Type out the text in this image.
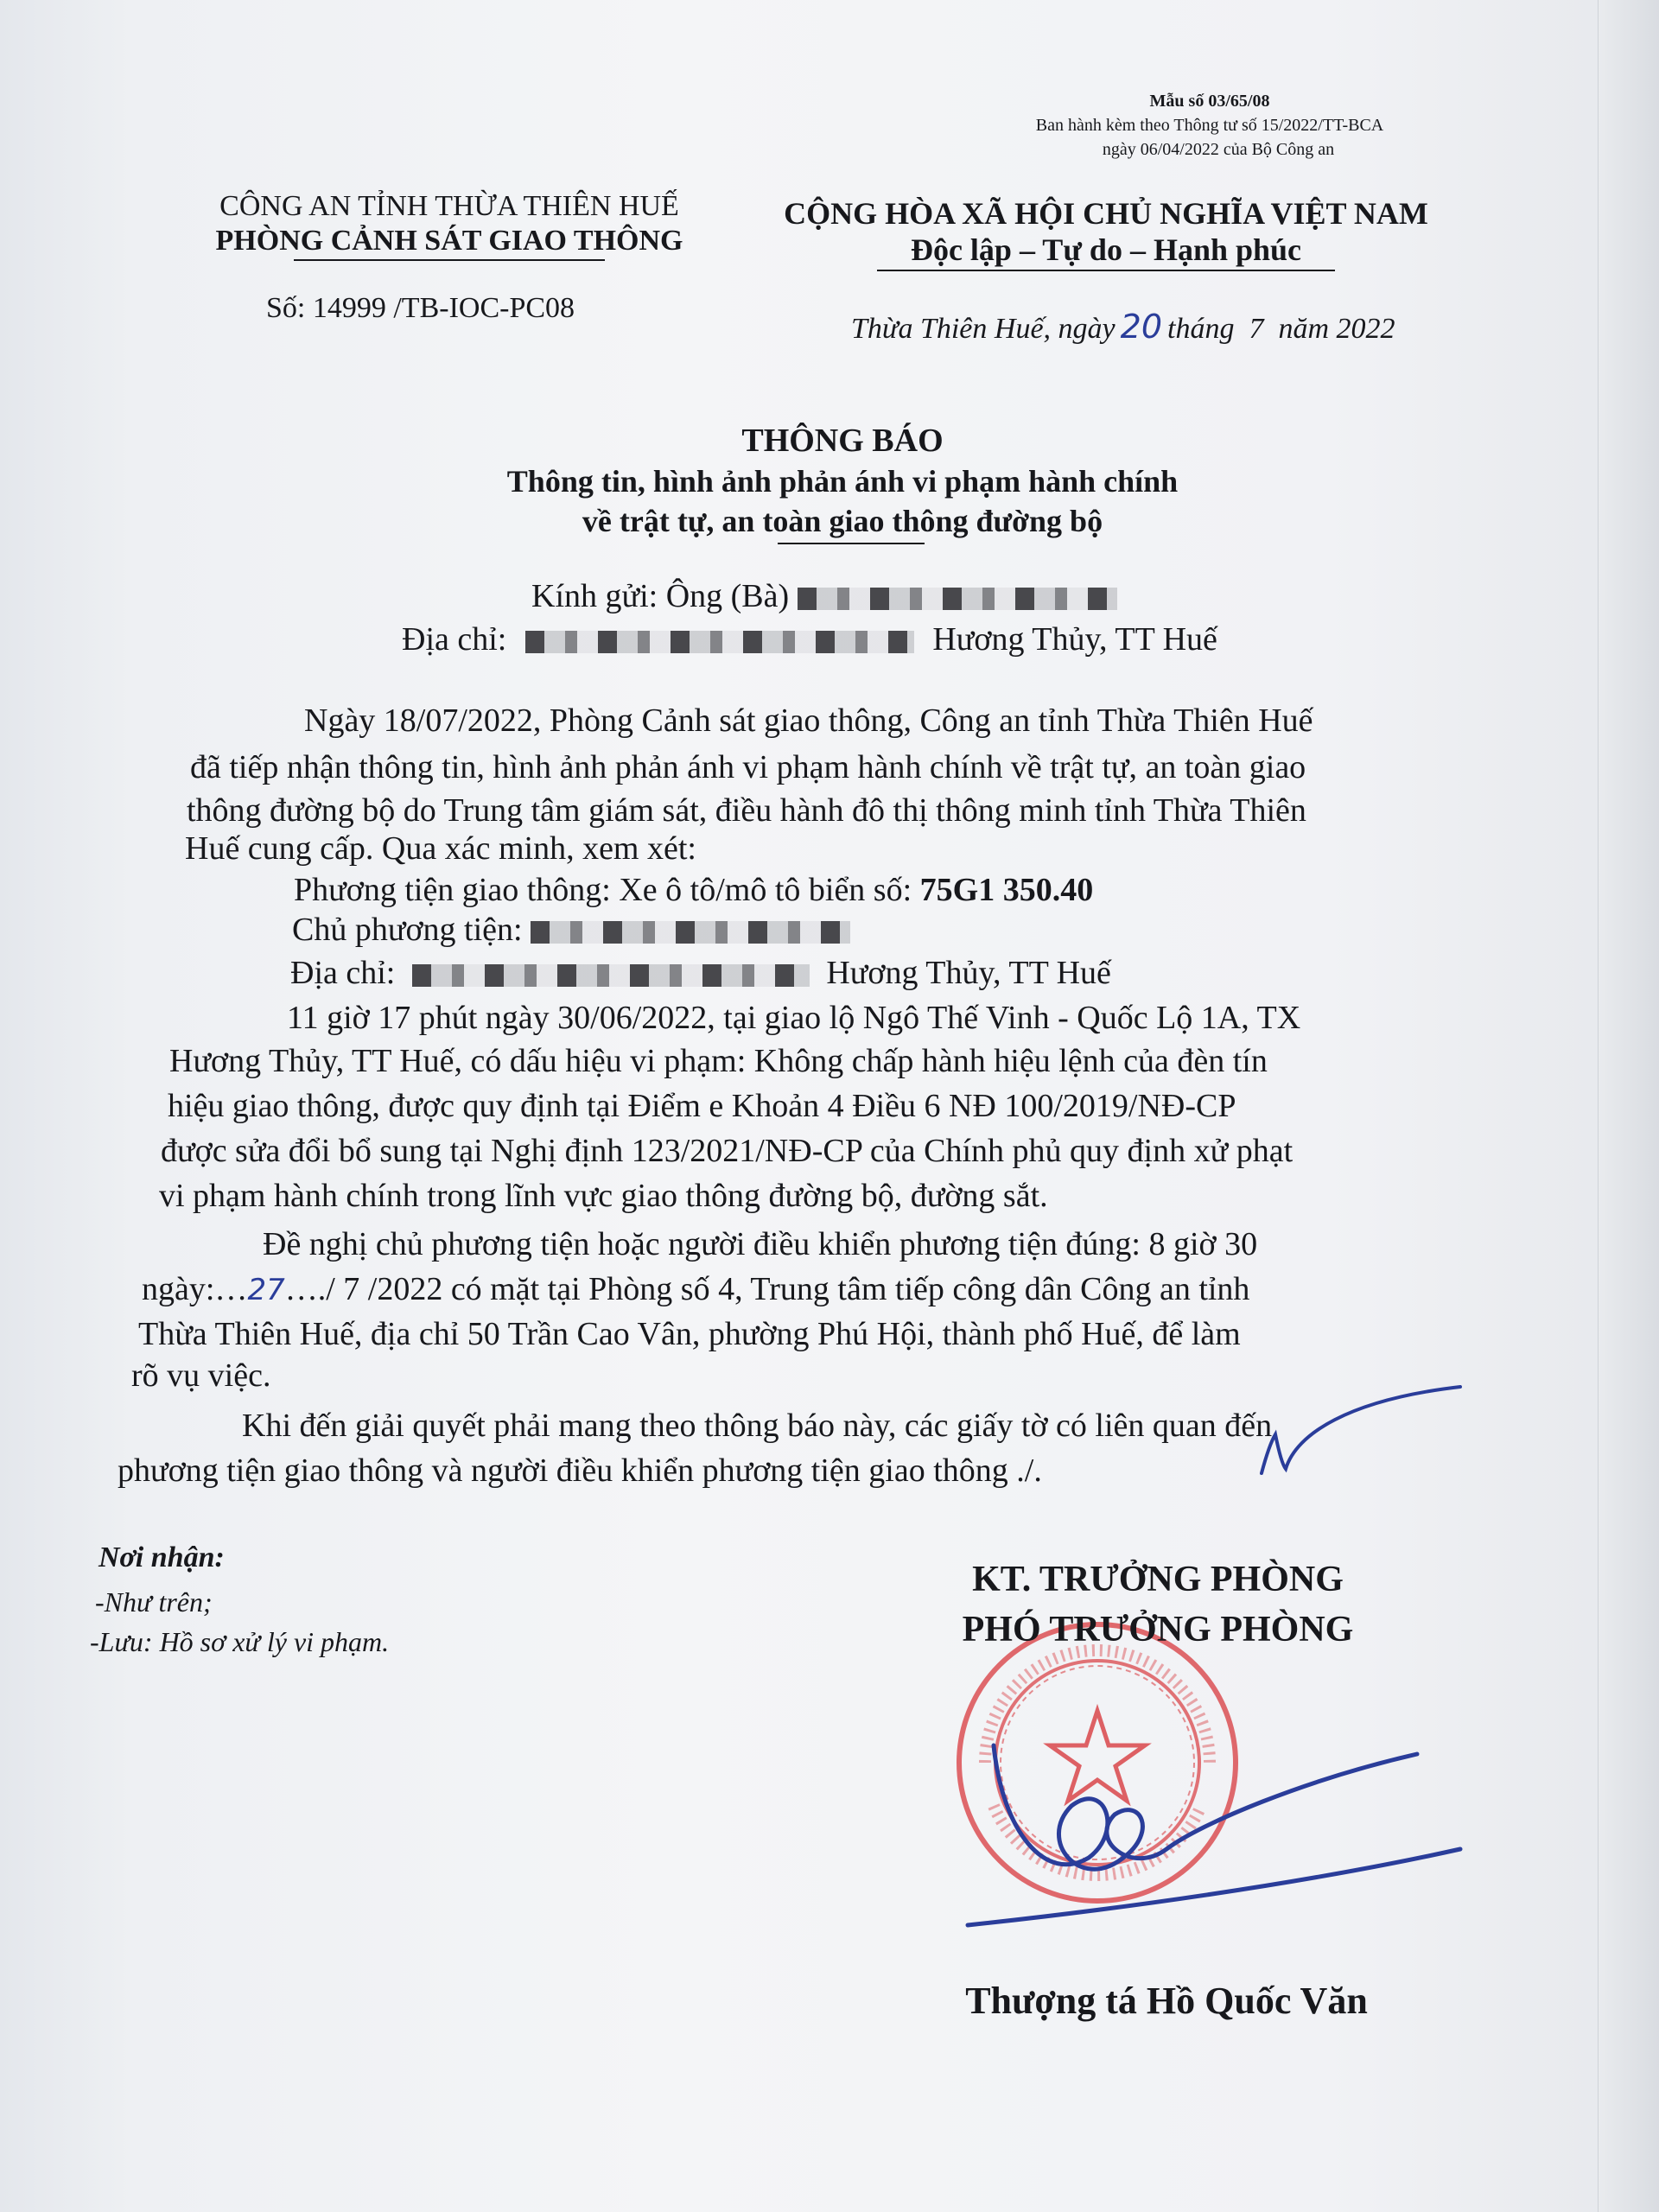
Mẫu số 03/65/08
Ban hành kèm theo Thông tư số 15/2022/TT-BCA
ngày 06/04/2022 của Bộ Công an
CÔNG AN TỈNH THỪA THIÊN HUẾ
PHÒNG CẢNH SÁT GIAO THÔNG
Số: 14999 /TB-IOC-PC08
CỘNG HÒA XÃ HỘI CHỦ NGHĨA VIỆT NAM
Độc lập – Tự do – Hạnh phúc
Thừa Thiên Huế, ngày 20 tháng  7  năm 2022
THÔNG BÁO
Thông tin, hình ảnh phản ánh vi phạm hành chính
về trật tự, an toàn giao thông đường bộ
Kính gửi: Ông (Bà)
Địa chỉ:	Hương Thủy, TT Huế
Ngày 18/07/2022, Phòng Cảnh sát giao thông, Công an tỉnh Thừa Thiên Huế
đã tiếp nhận thông tin, hình ảnh phản ánh vi phạm hành chính về trật tự, an toàn giao
thông đường bộ do Trung tâm giám sát, điều hành đô thị thông minh tỉnh Thừa Thiên
Huế cung cấp. Qua xác minh, xem xét:
Phương tiện giao thông: Xe ô tô/mô tô biển số: 75G1 350.40
Chủ phương tiện:
Địa chỉ:	Hương Thủy, TT Huế
11 giờ 17 phút ngày 30/06/2022, tại giao lộ Ngô Thế Vinh - Quốc Lộ 1A, TX
Hương Thủy, TT Huế, có dấu hiệu vi phạm: Không chấp hành hiệu lệnh của đèn tín
hiệu giao thông, được quy định tại Điểm e Khoản 4 Điều 6 NĐ 100/2019/NĐ-CP
được sửa đổi bổ sung tại Nghị định 123/2021/NĐ-CP của Chính phủ quy định xử phạt
vi phạm hành chính trong lĩnh vực giao thông đường bộ, đường sắt.
Đề nghị chủ phương tiện hoặc người điều khiển phương tiện đúng: 8 giờ 30
ngày:…27…./ 7 /2022 có mặt tại Phòng số 4, Trung tâm tiếp công dân Công an tỉnh
Thừa Thiên Huế, địa chỉ 50 Trần Cao Vân, phường Phú Hội, thành phố Huế, để làm
rõ vụ việc.
Khi đến giải quyết phải mang theo thông báo này, các giấy tờ có liên quan đến
phương tiện giao thông và người điều khiển phương tiện giao thông ./.
Nơi nhận:
-Như trên;
-Lưu: Hồ sơ xử lý vi phạm.
KT. TRƯỞNG PHÒNG
PHÓ TRƯỞNG PHÒNG
Thượng tá Hồ Quốc Văn
